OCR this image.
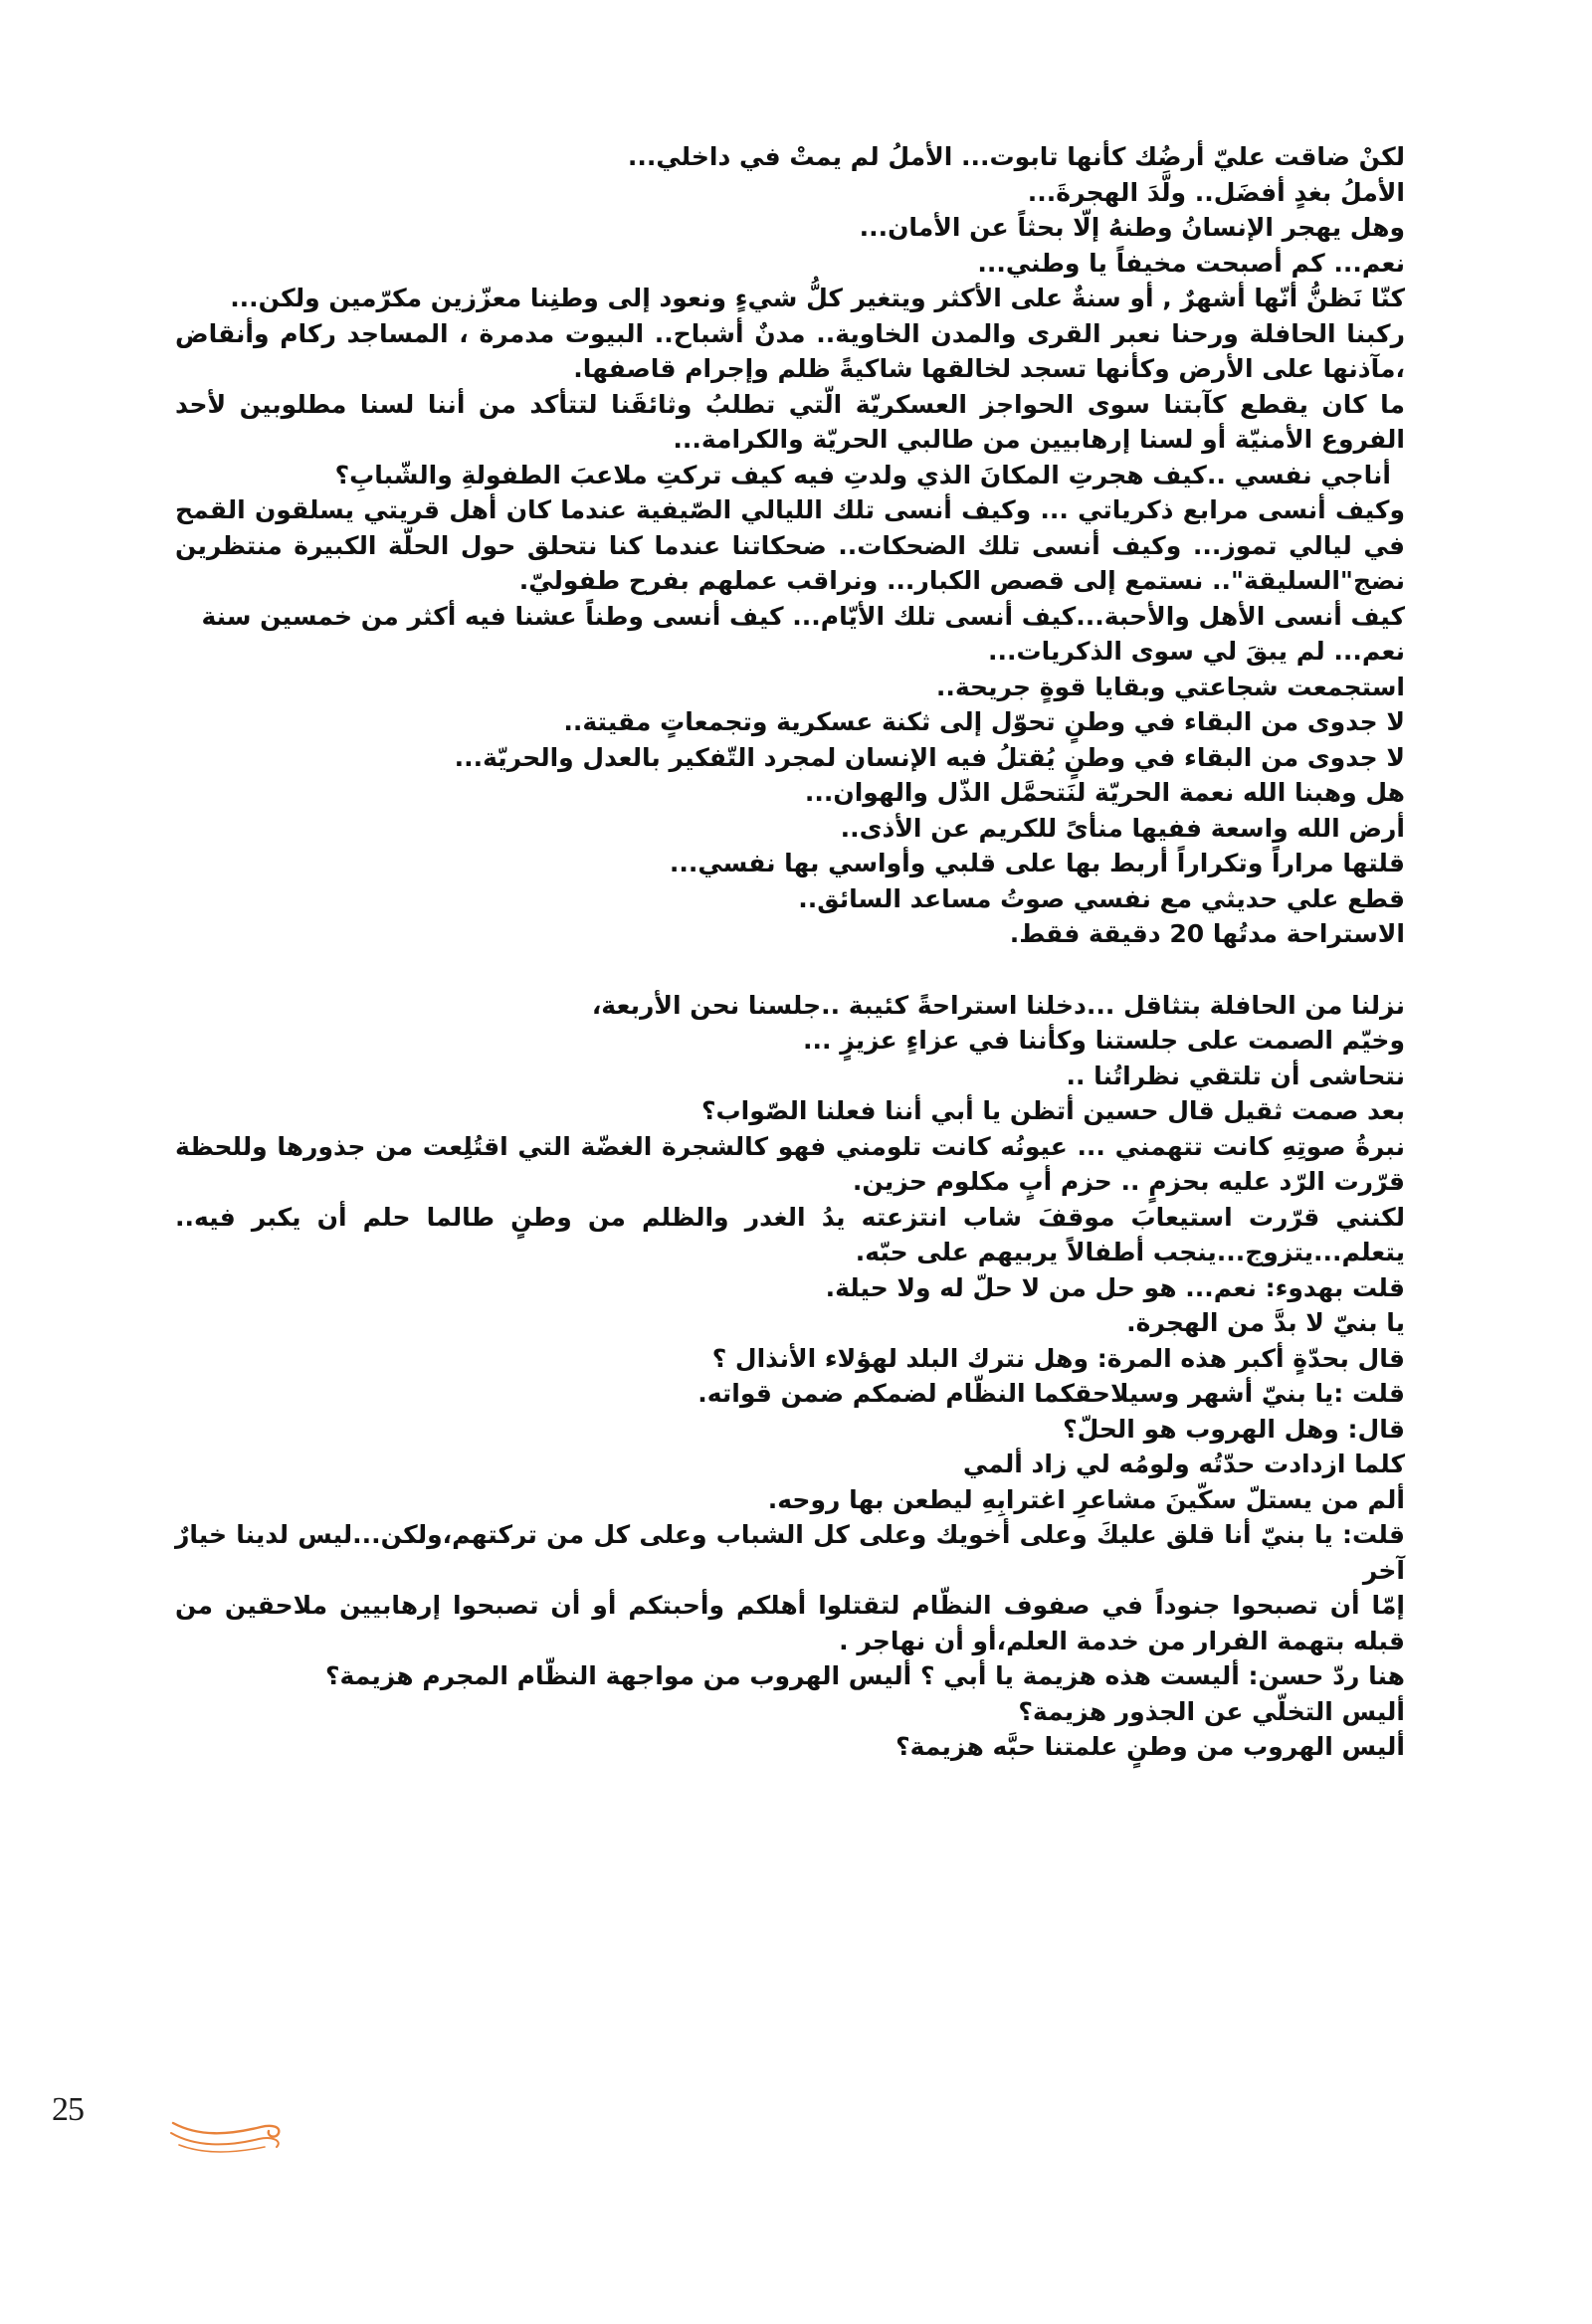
لكنْ ضاقت عليّ أرضُك كأنها تابوت... الأملُ لم يمتْ في داخلي...

الأملُ بغدٍ أفضَل.. ولَّدَ الهجرةَ...

وهل يهجر الإنسانُ وطنهُ إلّا بحثاً عن الأمان...

نعم... كم أصبحت مخيفاً يا وطني...

كنّا نَظنُّ أنّها أشهرٌ , أو سنةٌ على الأكثر ويتغير كلُّ شيءٍ ونعود إلى وطنِنا معزّزين مكرّمين ولكن...

ركبنا الحافلة ورحنا نعبر القرى والمدن الخاوية.. مدنٌ أشباح.. البيوت مدمرة ، المساجد ركام وأنقاض ،مآذنها على الأرض وكأنها تسجد لخالقها شاكيةً ظلم وإجرام قاصفها.

ما كان يقطع كآبتنا سوى الحواجز العسكريّة الّتي تطلبُ وثائقَنا لتتأكد من أننا لسنا مطلوبين لأحد الفروع الأمنيّة أو لسنا إرهابيين من طالبي الحريّة والكرامة...

أناجي نفسي ..كيف هجرتِ المكانَ الذي ولدتِ فيه كيف تركتِ ملاعبَ الطفولةِ والشّبابِ؟

وكيف أنسى مرابع ذكرياتي ... وكيف أنسى تلك الليالي الصّيفية عندما كان أهل قريتي يسلقون القمح في ليالي تموز... وكيف أنسى تلك الضحكات.. ضحكاتنا عندما كنا نتحلق حول الحلّة الكبيرة منتظرين نضج"السليقة".. نستمع إلى قصص الكبار... ونراقب عملهم بفرح طفوليّ.

كيف أنسى الأهل والأحبة...كيف أنسى تلك الأيّام... كيف أنسى وطناً عشنا فيه أكثر من خمسين سنة

نعم... لم يبقَ لي سوى الذكريات...

استجمعت شجاعتي وبقايا قوةٍ جريحة..

لا جدوى من البقاء في وطنٍ تحوّل إلى ثكنة عسكرية وتجمعاتٍ مقيتة..

لا جدوى من البقاء في وطنٍ يُقتلُ فيه الإنسان لمجرد التّفكير بالعدل والحريّة...

هل وهبنا الله نعمة الحريّة لنَتحمَّل الذّل والهوان...

أرض الله واسعة ففيها منأىً للكريم عن الأذى..

قلتها مراراً وتكراراً أربط بها على قلبي وأواسي بها نفسي...

قطع علي حديثي مع نفسي صوتُ مساعد السائق..

الاستراحة مدتُها 20 دقيقة فقط.

نزلنا من الحافلة بتثاقل ...دخلنا استراحةً كئيبة ..جلسنا نحن الأربعة،

وخيّم الصمت على جلستنا وكأننا في عزاءٍ عزيزٍ ...

نتحاشى أن تلتقي نظراتُنا ..

بعد صمت ثقيل قال حسين أتظن يا أبي أننا فعلنا الصّواب؟

نبرةُ صوتِهِ كانت تتهمني ... عيونُه كانت تلومني فهو كالشجرة الغضّة التي اقتُلِعت من جذورها وللحظة قرّرت الرّد عليه بحزمٍ .. حزم أبٍ مكلوم حزين.

لكنني قرّرت استيعابَ موقفَ شاب انتزعته يدُ الغدر والظلم من وطنٍ طالما حلم أن يكبر فيه.. يتعلم...يتزوج...ينجب أطفالاً يربيهم على حبّه.

قلت بهدوء: نعم... هو حل من لا حلّ له ولا حيلة.

يا بنيّ لا بدَّ من الهجرة.

قال بحدّةٍ أكبر هذه المرة: وهل نترك البلد لهؤلاء الأنذال ؟

قلت :يا بنيّ أشهر وسيلاحقكما النظّام لضمكم ضمن قواته.

قال: وهل الهروب هو الحلّ؟

كلما ازدادت حدّتُه ولومُه لي زاد ألمي

ألم من يستلّ سكّينَ مشاعرِ اغترابِهِ ليطعن بها روحه.

قلت: يا بنيّ أنا قلق عليكَ وعلى أخويك وعلى كل الشباب وعلى كل من تركتهم،ولكن...ليس لدينا خيارٌ آخر

إمّا أن تصبحوا جنوداً في صفوف النظّام لتقتلوا أهلكم وأحبتكم أو أن تصبحوا إرهابيين ملاحقين من قبله بتهمة الفرار من خدمة العلم،أو أن نهاجر .

هنا ردّ حسن: أليست هذه هزيمة يا أبي ؟ أليس الهروب من مواجهة النظّام المجرم هزيمة؟

أليس التخلّي عن الجذور هزيمة؟

أليس الهروب من وطنٍ علمتنا حبَّه هزيمة؟

25
